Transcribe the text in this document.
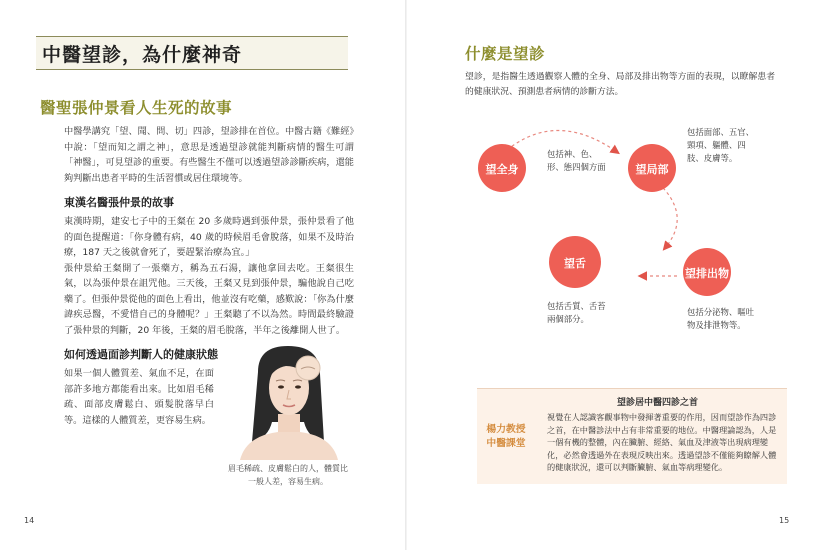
中醫望診，為什麼神奇
醫聖張仲景看人生死的故事
中醫學講究「望、聞、問、切」四診，望診排在首位。中醫古籍《難經》中說：「望而知之謂之神」，意思是透過望診就能判斷病情的醫生可謂「神醫」，可見望診的重要。有些醫生不僅可以透過望診診斷疾病，還能夠判斷出患者平時的生活習慣或居住環境等。
東漢名醫張仲景的故事
東漢時期，建安七子中的王粲在 20 多歲時遇到張仲景，張仲景看了他的面色提醒道：「你身體有病，40 歲的時候眉毛會脫落，如果不及時治療，187 天之後就會死了，要趕緊治療為宜。」
張仲景給王粲開了一張藥方，稱為五石湯，讓他拿回去吃。王粲很生氣，以為張仲景在詛咒他。三天後，王粲又見到張仲景，騙他說自己吃藥了。但張仲景從他的面色上看出，他並沒有吃藥，感歎說：「你為什麼諱疾忌醫，不愛惜自己的身體呢？」王粲聽了不以為然。時間最終驗證了張仲景的判斷，20 年後，王粲的眉毛脫落，半年之後離開人世了。
如何透過面診判斷人的健康狀態
如果一個人體質差、氣血不足，在面部許多地方都能看出來。比如眉毛稀疏、面部皮膚鬆白、頭髮脫落早白等。這樣的人體質差，更容易生病。
眉毛稀疏、皮膚鬆白的人，體質比一般人差，容易生病。
14
什麼是望診
望診，是指醫生透過觀察人體的全身、局部及排出物等方面的表現，以瞭解患者的健康狀況、預測患者病情的診斷方法。
望全身
包括神、色、形、態四個方面	望局部
包括面部、五官、頸項、軀體、四肢、皮膚等。
望排出物
包括分泌物、嘔吐物及排泄物等。
望舌
包括舌質、舌苔兩個部分。
楊力教授
中醫課堂
望診居中醫四診之首
視覺在人認識客觀事物中發揮著重要的作用，因而望診作為四診之首，在中醫診法中占有非常重要的地位。中醫理論認為，人是一個有機的整體，內在臟腑、經絡、氣血及津液等出現病理變化，必然會透過外在表現反映出來。透過望診不僅能夠瞭解人體的健康狀況，還可以判斷臟腑、氣血等病理變化。
15
